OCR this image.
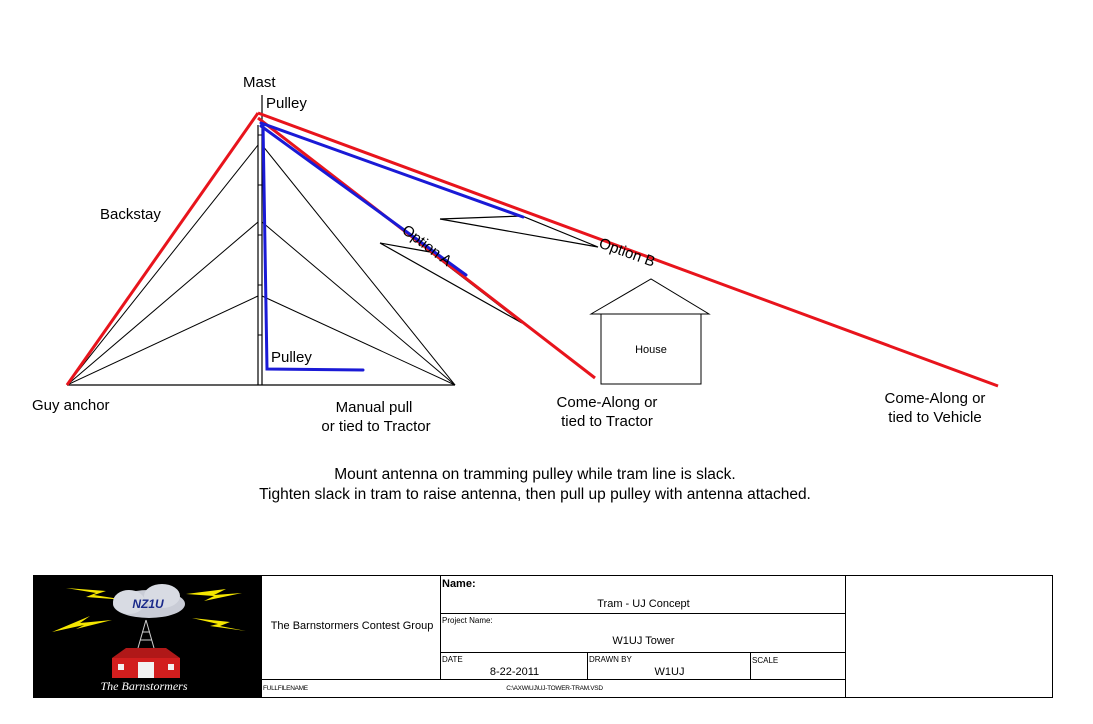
Mast
Pulley
Backstay
Option A	Option B
House
Pulley
Guy anchor	Manual pull
or tied to Tractor
Come-Along or
tied to Tractor
Come-Along or
tied to Vehicle
Mount antenna on tramming pulley while tram line is slack.
Tighten slack in tram to raise antenna, then pull up pulley with antenna attached.
NZ1U
The Barnstormers
The Barnstormers Contest Group
Name:
Tram - UJ Concept
Project Name:
W1UJ Tower
DATE
8-22-2011
DRAWN BY
W1UJ
SCALE
FULLFILENAME	C:\AXW\UJ\UJ-TOWER-TRAM.VSD
